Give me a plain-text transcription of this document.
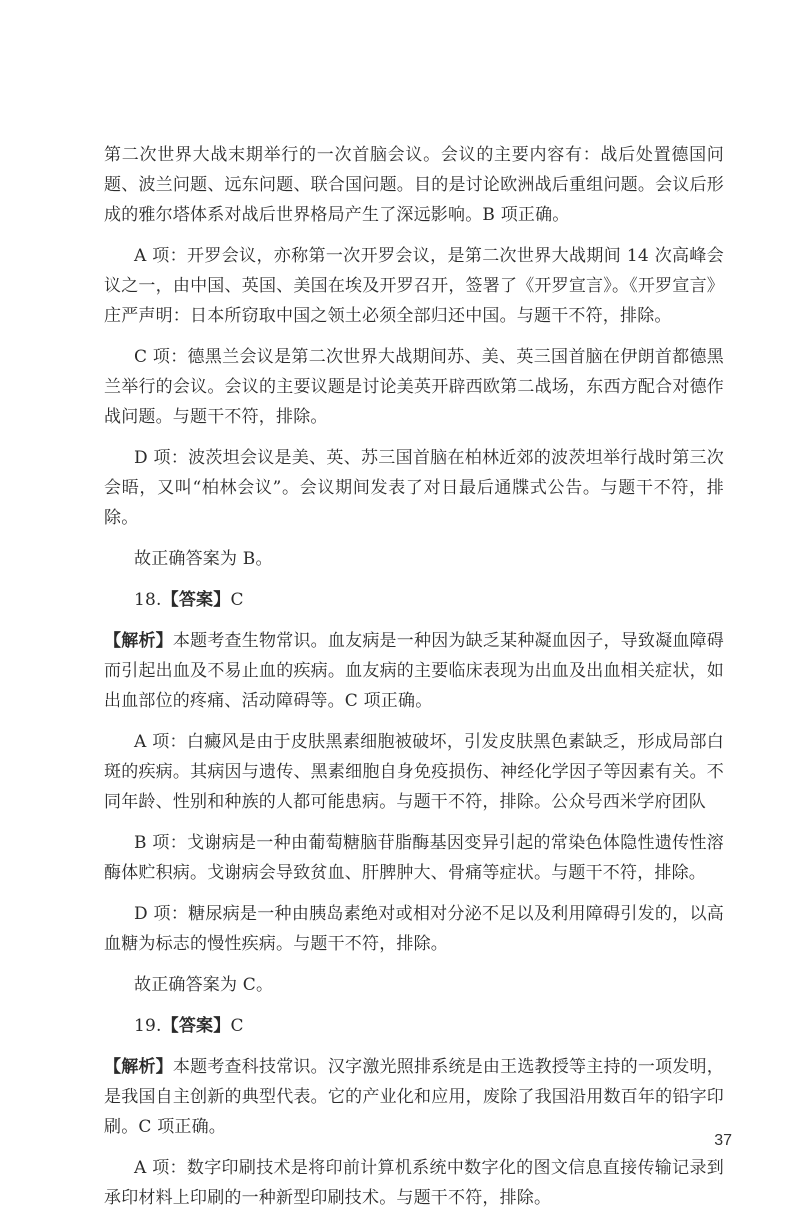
第二次世界大战末期举行的一次首脑会议。会议的主要内容有：战后处置德国问题、波兰问题、远东问题、联合国问题。目的是讨论欧洲战后重组问题。会议后形成的雅尔塔体系对战后世界格局产生了深远影响。B 项正确。

A 项：开罗会议，亦称第一次开罗会议，是第二次世界大战期间 14 次高峰会议之一，由中国、英国、美国在埃及开罗召开，签署了《开罗宣言》。《开罗宣言》庄严声明：日本所窃取中国之领土必须全部归还中国。与题干不符，排除。

C 项：德黑兰会议是第二次世界大战期间苏、美、英三国首脑在伊朗首都德黑兰举行的会议。会议的主要议题是讨论美英开辟西欧第二战场，东西方配合对德作战问题。与题干不符，排除。

D 项：波茨坦会议是美、英、苏三国首脑在柏林近郊的波茨坦举行战时第三次会晤，又叫“柏林会议”。会议期间发表了对日最后通牒式公告。与题干不符，排除。

故正确答案为 B。

18.【答案】C

【解析】本题考查生物常识。血友病是一种因为缺乏某种凝血因子，导致凝血障碍而引起出血及不易止血的疾病。血友病的主要临床表现为出血及出血相关症状，如出血部位的疼痛、活动障碍等。C 项正确。

A 项：白癜风是由于皮肤黑素细胞被破坏，引发皮肤黑色素缺乏，形成局部白斑的疾病。其病因与遗传、黑素细胞自身免疫损伤、神经化学因子等因素有关。不同年龄、性别和种族的人都可能患病。与题干不符，排除。公众号西米学府团队

B 项：戈谢病是一种由葡萄糖脑苷脂酶基因变异引起的常染色体隐性遗传性溶酶体贮积病。戈谢病会导致贫血、肝脾肿大、骨痛等症状。与题干不符，排除。

D 项：糖尿病是一种由胰岛素绝对或相对分泌不足以及利用障碍引发的，以高血糖为标志的慢性疾病。与题干不符，排除。

故正确答案为 C。

19.【答案】C

【解析】本题考查科技常识。汉字激光照排系统是由王选教授等主持的一项发明，是我国自主创新的典型代表。它的产业化和应用，废除了我国沿用数百年的铅字印刷。C 项正确。

A 项：数字印刷技术是将印前计算机系统中数字化的图文信息直接传输记录到承印材料上印刷的一种新型印刷技术。与题干不符，排除。

37
